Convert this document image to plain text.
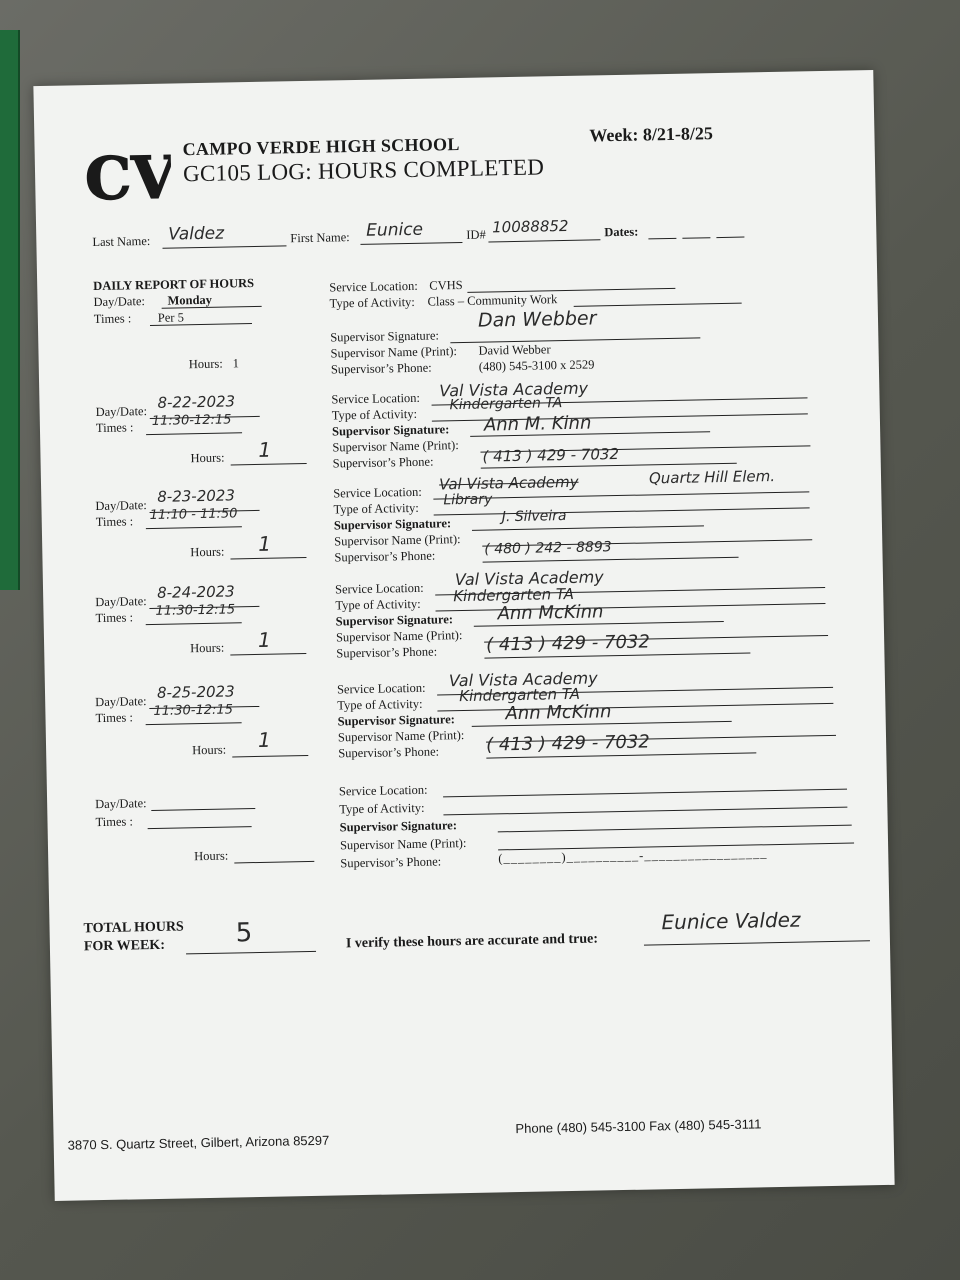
CV CAMPO VERDE HIGH SCHOOL	Week: 8/21-8/25
GC105 LOG: HOURS COMPLETED
Last Name: Valdez	First Name: Eunice	ID# 10088852	Dates:
DAILY REPORT OF HOURS
Day/Date: Monday
Times : Per 5
Hours: 1
Service Location: CVHS
Type of Activity: Class – Community Work
Supervisor Signature:
Dan Webber
Supervisor Name (Print): David Webber
Supervisor’s Phone:	(480) 545-3100 x 2529
Day/Date: 8-22-2023
Times : 11:30-12:15
Hours: 1
Service Location: Val Vista Academy
Type of Activity:
Kindergarten TA
Supervisor Signature: Ann M. Kinn
Supervisor Name (Print):
Supervisor’s Phone:	( 413 ) 429 - 7032
Day/Date: 8-23-2023
Times : 11:10 - 11:50
Hours: 1
Service Location: Val Vista Academy	Quartz Hill Elem.
Type of Activity:
Library
Supervisor Signature:	J. Silveira
Supervisor Name (Print):
Supervisor’s Phone:	( 480 ) 242 - 8893
Day/Date: 8-24-2023
Times : 11:30-12:15
Hours: 1
Service Location: Val Vista Academy
Type of Activity: Kindergarten TA
Supervisor Signature: Ann McKinn
Supervisor Name (Print):
Supervisor’s Phone:	( 413 ) 429 - 7032
Day/Date: 8-25-2023
Times : 11:30-12:15
Hours: 1
Service Location: Val Vista Academy
Type of Activity: Kindergarten TA
Supervisor Signature:	Ann McKinn
Supervisor Name (Print):
Supervisor’s Phone:	( 413 ) 429 - 7032
Day/Date:
Times :
Hours:
Service Location:
Type of Activity:
Supervisor Signature:
Supervisor Name (Print):
Supervisor’s Phone:	(________)__________-_________________
TOTAL HOURS
FOR WEEK:	5	I verify these hours are accurate and true:
Eunice Valdez
3870 S. Quartz Street, Gilbert, Arizona 85297
Phone (480) 545-3100 Fax (480) 545-3111
